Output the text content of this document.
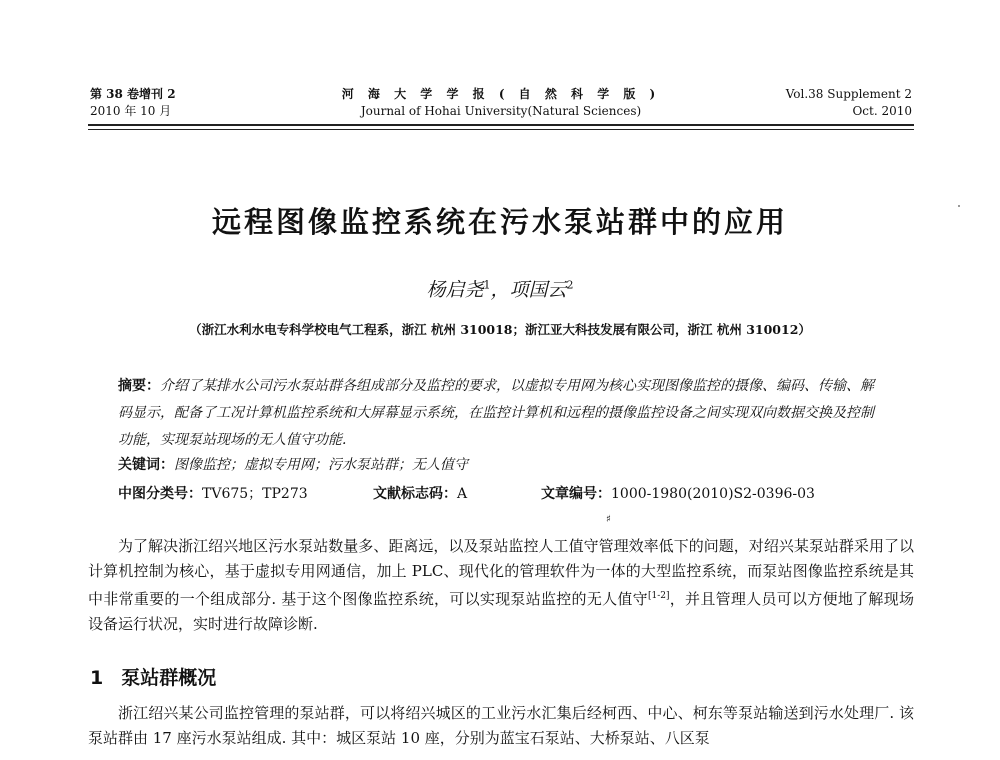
第 38 卷增刊 2
2010 年 10 月
河 海 大 学 学 报 ( 自 然 科 学 版 )
Journal of Hohai University(Natural Sciences)
Vol.38 Supplement 2
Oct. 2010
远程图像监控系统在污水泵站群中的应用
杨启尧$^1$，项国云$^2$
（浙江水利水电专科学校电气工程系，浙江 杭州 310018；浙江亚大科技发展有限公司，浙江 杭州 310012）
摘要：介绍了某排水公司污水泵站群各组成部分及监控的要求，以虚拟专用网为核心实现图像监控的摄像、编码、传输、解码显示，配备了工况计算机监控系统和大屏幕显示系统，在监控计算机和远程的摄像监控设备之间实现双向数据交换及控制功能，实现泵站现场的无人值守功能.
关键词：图像监控；虚拟专用网；污水泵站群；无人值守
中图分类号：TV675；TP273	文献标志码：A	文章编号：1000-1980(2010)S2-0396-03
♯
为了解决浙江绍兴地区污水泵站数量多、距离远，以及泵站监控人工值守管理效率低下的问题，对绍兴某泵站群采用了以计算机控制为核心，基于虚拟专用网通信，加上 PLC、现代化的管理软件为一体的大型监控系统，而泵站图像监控系统是其中非常重要的一个组成部分. 基于这个图像监控系统，可以实现泵站监控的无人值守[1-2]，并且管理人员可以方便地了解现场设备运行状况，实时进行故障诊断.
1 泵站群概况
浙江绍兴某公司监控管理的泵站群，可以将绍兴城区的工业污水汇集后经柯西、中心、柯东等泵站输送到污水处理厂. 该泵站群由 17 座污水泵站组成. 其中：城区泵站 10 座，分别为蓝宝石泵站、大桥泵站、八区泵
